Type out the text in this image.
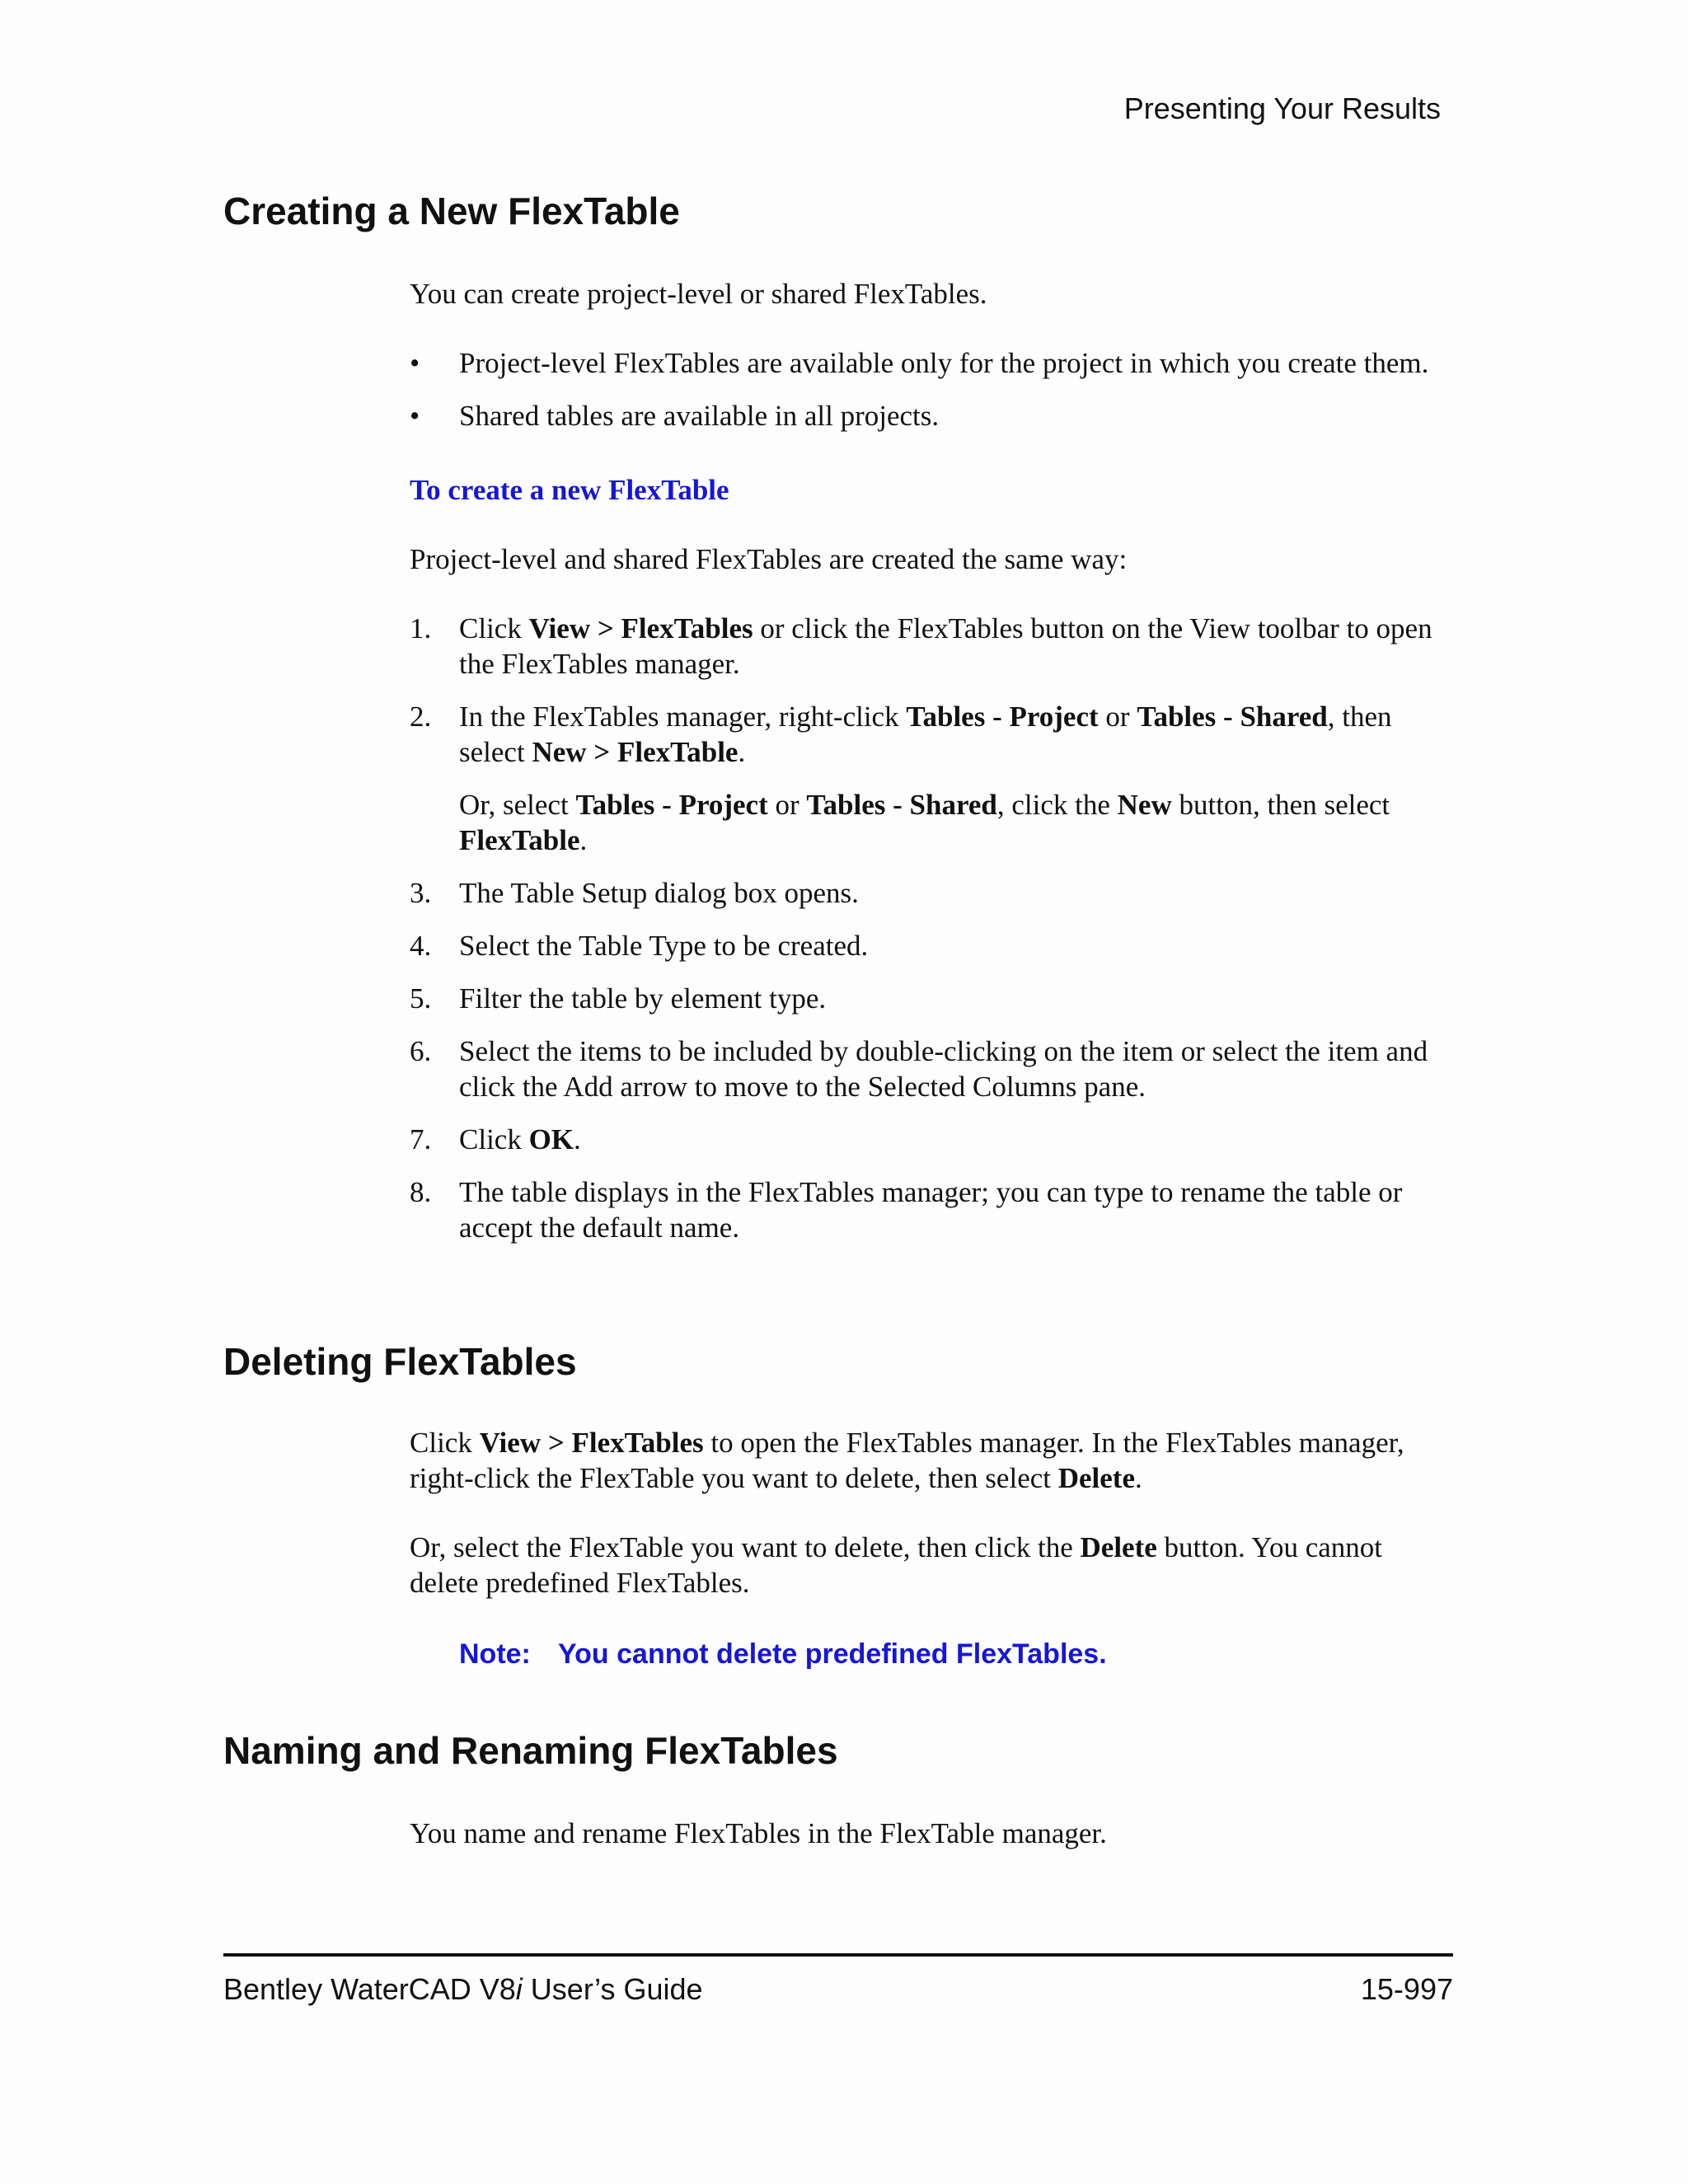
Presenting Your Results
Creating a New FlexTable

You can create project-level or shared FlexTables.

• Project-level FlexTables are available only for the project in which you create them.
• Shared tables are available in all projects.

To create a new FlexTable

Project-level and shared FlexTables are created the same way:

1. Click View > FlexTables or click the FlexTables button on the View toolbar to open the FlexTables manager.
2. In the FlexTables manager, right-click Tables - Project or Tables - Shared, then select New > FlexTable.

Or, select Tables - Project or Tables - Shared, click the New button, then select FlexTable.

3. The Table Setup dialog box opens.
4. Select the Table Type to be created.
5. Filter the table by element type.
6. Select the items to be included by double-clicking on the item or select the item and click the Add arrow to move to the Selected Columns pane.
7. Click OK.
8. The table displays in the FlexTables manager; you can type to rename the table or accept the default name.
Deleting FlexTables

Click View > FlexTables to open the FlexTables manager. In the FlexTables manager, right-click the FlexTable you want to delete, then select Delete.

Or, select the FlexTable you want to delete, then click the Delete button. You cannot delete predefined FlexTables.

Note: You cannot delete predefined FlexTables.
Naming and Renaming FlexTables

You name and rename FlexTables in the FlexTable manager.

Bentley WaterCAD V8i User’s Guide	15-997
